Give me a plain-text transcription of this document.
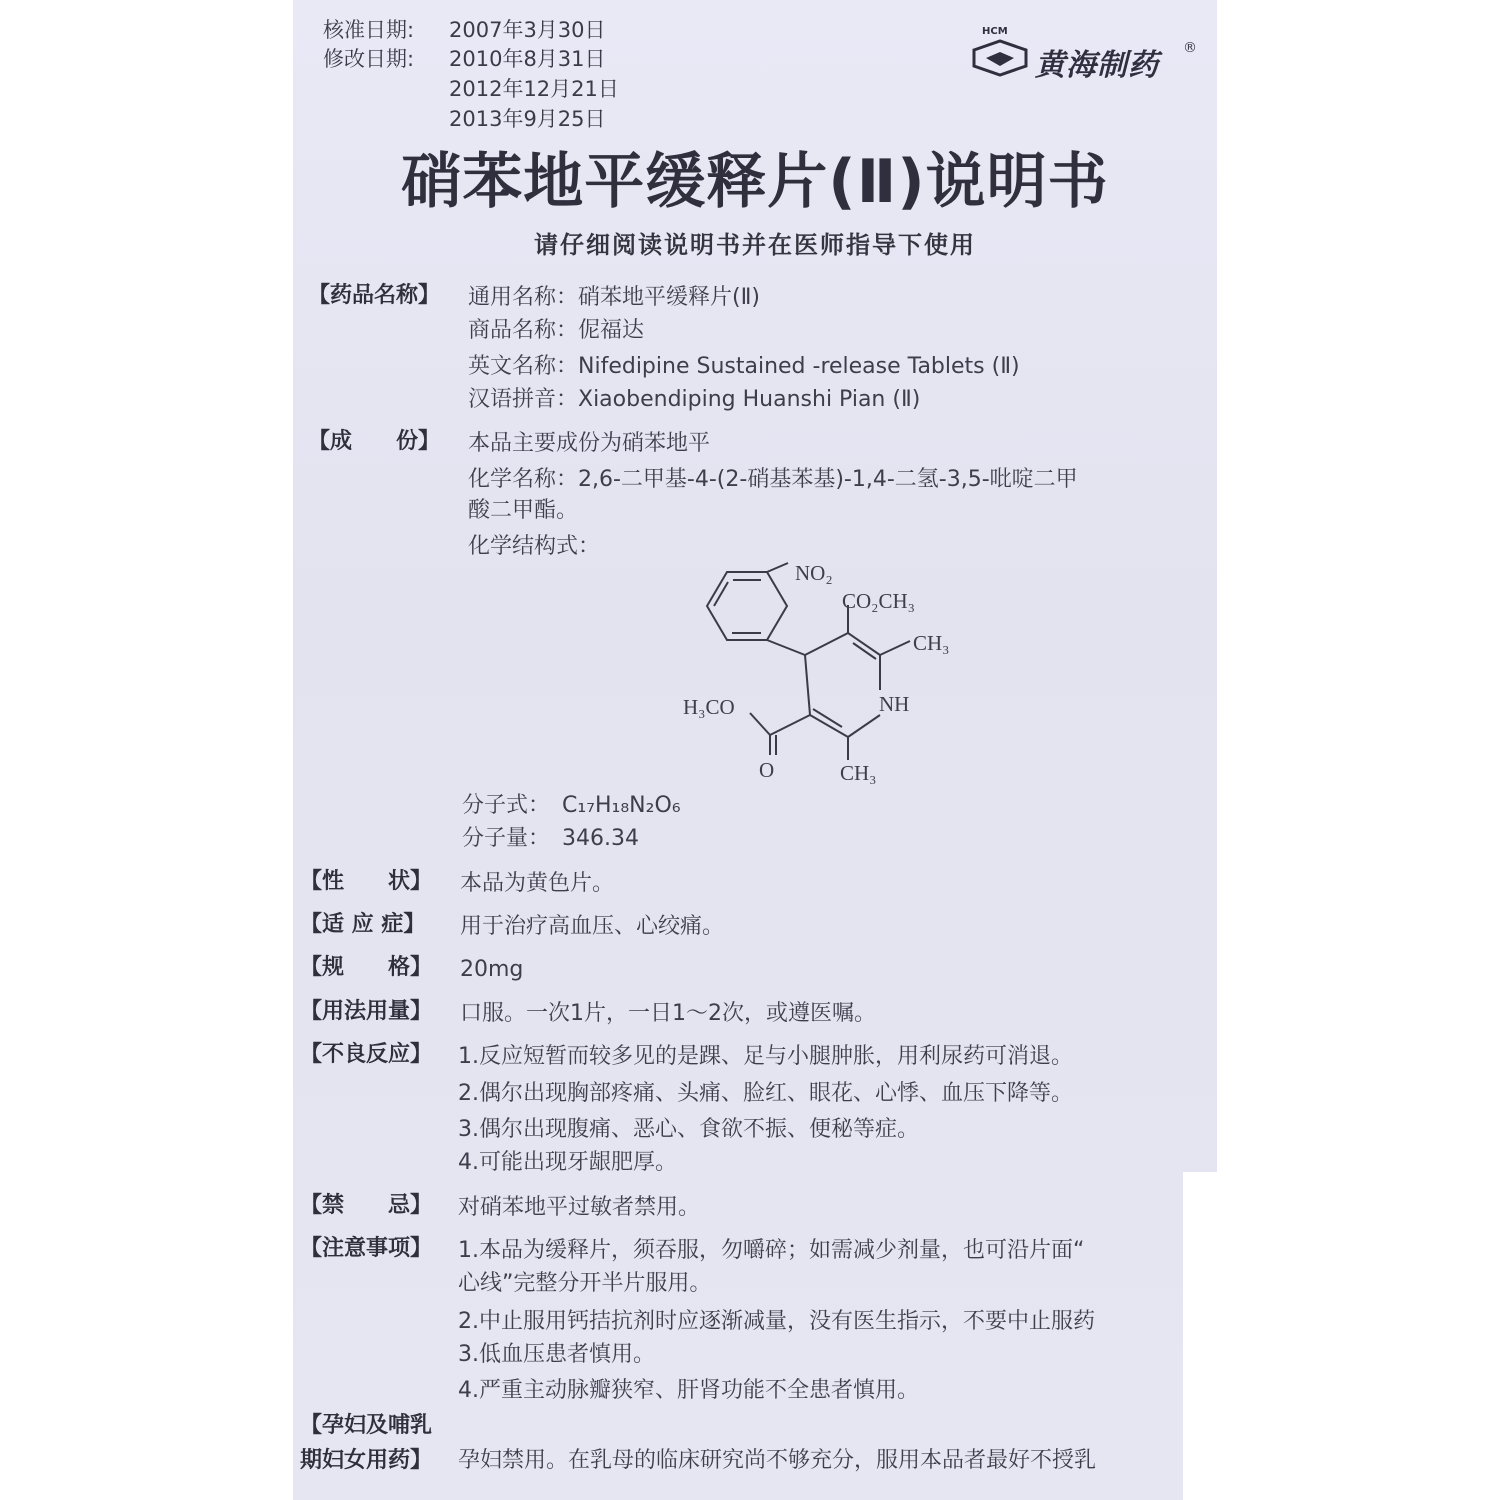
核准日期: 2007年3月30日
修改日期: 2010年8月31日
2012年12月21日
2013年9月25日
HCM
黄海制药 ®
硝苯地平缓释片(Ⅱ)说明书
请仔细阅读说明书并在医师指导下使用
【药品名称】 通用名称：硝苯地平缓释片(Ⅱ)
商品名称：伲福达
英文名称：Nifedipine Sustained -release Tablets (Ⅱ)
汉语拼音：Xiaobendiping Huanshi Pian (Ⅱ)
【成　　份】 本品主要成份为硝苯地平
化学名称：2,6-二甲基-4-(2-硝基苯基)-1,4-二氢-3,5-吡啶二甲
酸二甲酯。
化学结构式：
NO₂
CO₂CH₃
CH₃
NH
H₃CO
O	CH₃
分子式： C₁₇H₁₈N₂O₆
分子量： 346.34
【性　　状】 本品为黄色片。
【适 应 症】 用于治疗高血压、心绞痛。
【规　　格】 20mg
【用法用量】 口服。一次1片，一日1～2次，或遵医嘱。
【不良反应】 1.反应短暂而较多见的是踝、足与小腿肿胀，用利尿药可消退。
2.偶尔出现胸部疼痛、头痛、脸红、眼花、心悸、血压下降等。
3.偶尔出现腹痛、恶心、食欲不振、便秘等症。
4.可能出现牙龈肥厚。
【禁　　忌】 对硝苯地平过敏者禁用。
【注意事项】 1.本品为缓释片，须吞服，勿嚼碎；如需减少剂量，也可沿片面“
心线”完整分开半片服用。
2.中止服用钙拮抗剂时应逐渐减量，没有医生指示，不要中止服药
3.低血压患者慎用。
4.严重主动脉瓣狭窄、肝肾功能不全患者慎用。
【孕妇及哺乳
期妇女用药】 孕妇禁用。在乳母的临床研究尚不够充分，服用本品者最好不授乳
